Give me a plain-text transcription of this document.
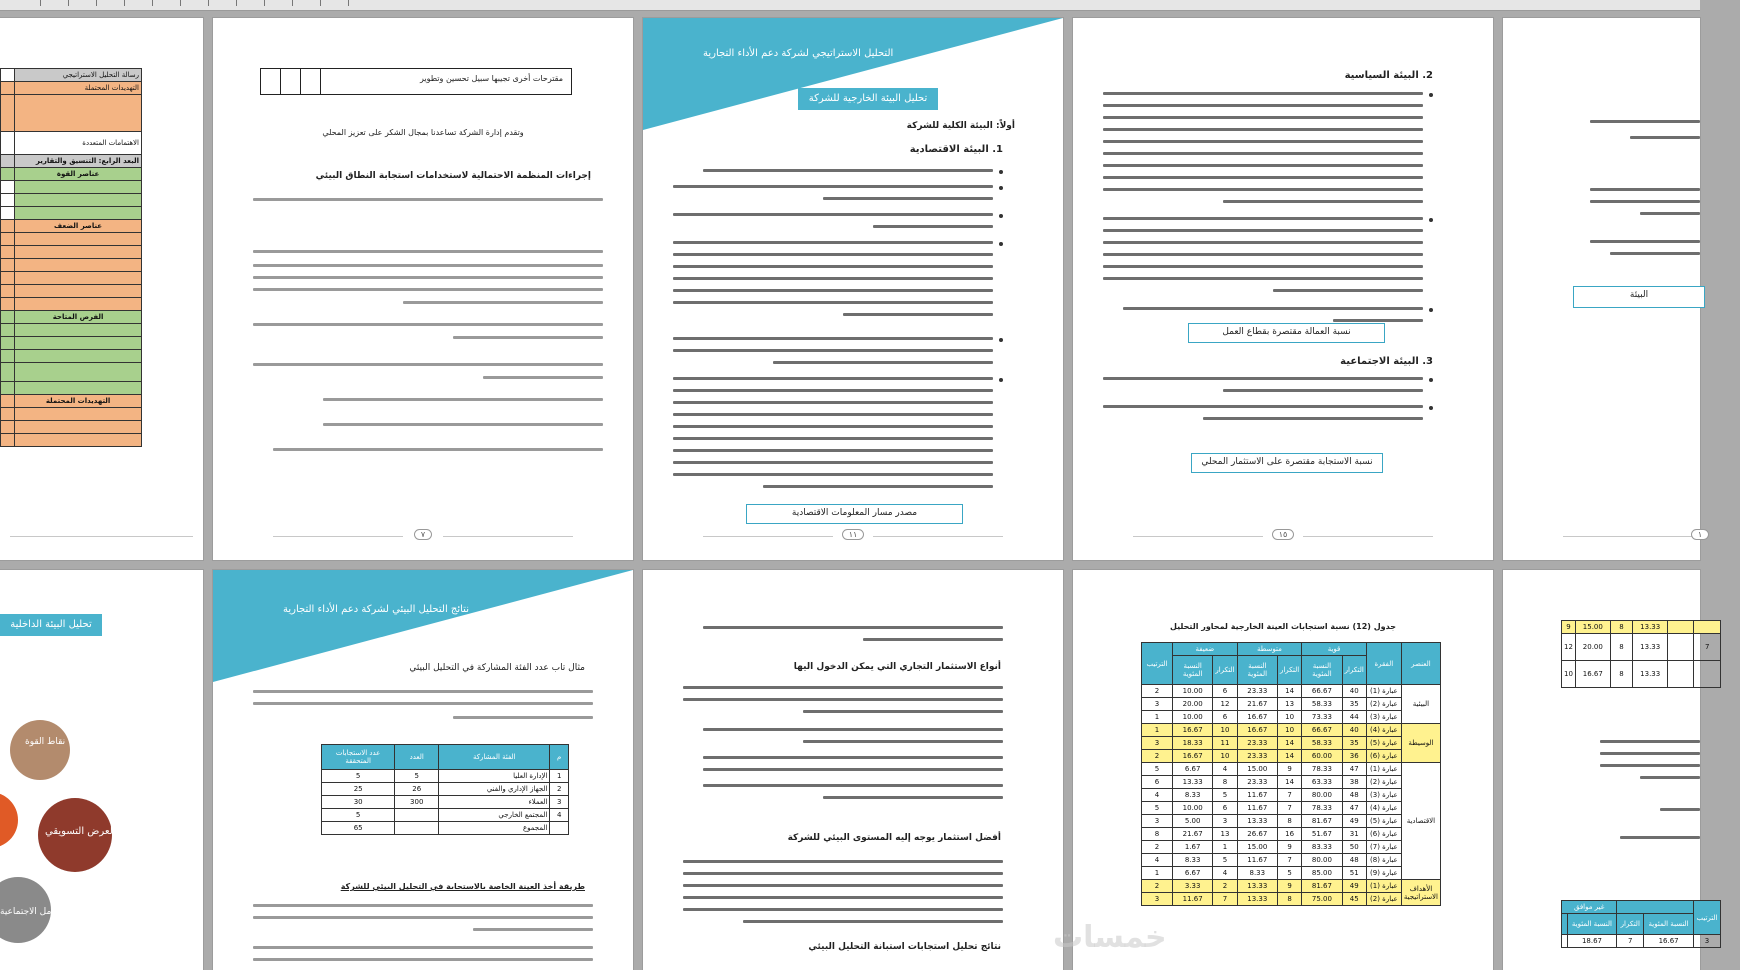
رسالة التحليل الاستراتيجي	
التهديدات المحتملة	

الاهتمامات المتعددة	
البعد الرابع: التنسيق والتقارير	
عناصر القوة	

عناصر الضعف	

الفرص المتاحة	

التهديدات المحتملة	

مقترحات أخرى تجيبها سبيل تحسين وتطوير
وتقدم إدارة الشركة تساعدنا بمجال الشكر على تعزيز المحلي
إجراءات المنظمة الاحتمالية لاستخدامات استجابة النطاق البيئي
٧
التحليل الاستراتيجي لشركة دعم الأداء التجارية
تحليل البيئة الخارجية للشركة
أولاً: البيئة الكلية للشركة
1. البيئة الاقتصادية
مصدر مسار المعلومات الاقتصادية
١١
2. البيئة السياسية
نسبة العمالة مقتصرة بقطاع العمل
3. البيئة الاجتماعية
نسبة الاستجابة مقتصرة على الاستثمار المحلي
١٥
البيئة
١
تحليل البيئة الداخلية
نقاط القوة
العرض التسويقي
العوامل الاجتماعية
نتائج التحليل البيئي لشركة دعم الأداء التجارية
مثال تاب عدد الفئة المشاركة في التحليل البيئي
م	الفئة المشاركة	العدد	عدد الاستجابات المتحققة
1	الإدارة العليا	5	5
2	الجهاز الإداري والفني	26	25
3	العملاء	300	30
4	المجتمع الخارجي		5
	المجموع		65
طريقة أخذ العينة الخاصة بالاستجابة في التحليل البيئي للشركة
أنواع الاستثمار التجاري التي يمكن الدخول اليها
أفضل استثمار يوجه إليه المستوى البيئي للشركة
نتائج تحليل استجابات استبانة التحليل البيئي
جدول (12) نسبة استجابات العينة الخارجية لمحاور التحليل
العنصر	الفقرة	قوية		متوسطة		ضعيفة		الترتيب
		التكرار	النسبة المئوية	التكرار	النسبة المئوية	التكرار	النسبة المئوية	
البيئية	عبارة (1)	40	66.67	14	23.33	6	10.00	2
	عبارة (2)	35	58.33	13	21.67	12	20.00	3
	عبارة (3)	44	73.33	10	16.67	6	10.00	1
الوسيطة	عبارة (4)	40	66.67	10	16.67	10	16.67	1
	عبارة (5)	35	58.33	14	23.33	11	18.33	3
	عبارة (6)	36	60.00	14	23.33	10	16.67	2
الاقتصادية	عبارة (1)	47	78.33	9	15.00	4	6.67	5
	عبارة (2)	38	63.33	14	23.33	8	13.33	6
	عبارة (3)	48	80.00	7	11.67	5	8.33	4
	عبارة (4)	47	78.33	7	11.67	6	10.00	5
	عبارة (5)	49	81.67	8	13.33	3	5.00	3
	عبارة (6)	31	51.67	16	26.67	13	21.67	8
	عبارة (7)	50	83.33	9	15.00	1	1.67	2
	عبارة (8)	48	80.00	7	11.67	5	8.33	4
	عبارة (9)	51	85.00	5	8.33	4	6.67	1
الأهداف الاستراتيجية	عبارة (1)	49	81.67	9	13.33	2	3.33	2
	عبارة (2)	45	75.00	8	13.33	7	11.67	3
خمسات
		13.33	8	15.00	9
7		13.33	8	20.00	12
		13.33	8	16.67	10
الترتيب			غير موافق	
	النسبة المئوية	التكرار	النسبة المئوية	
3	16.67	7	18.67	
